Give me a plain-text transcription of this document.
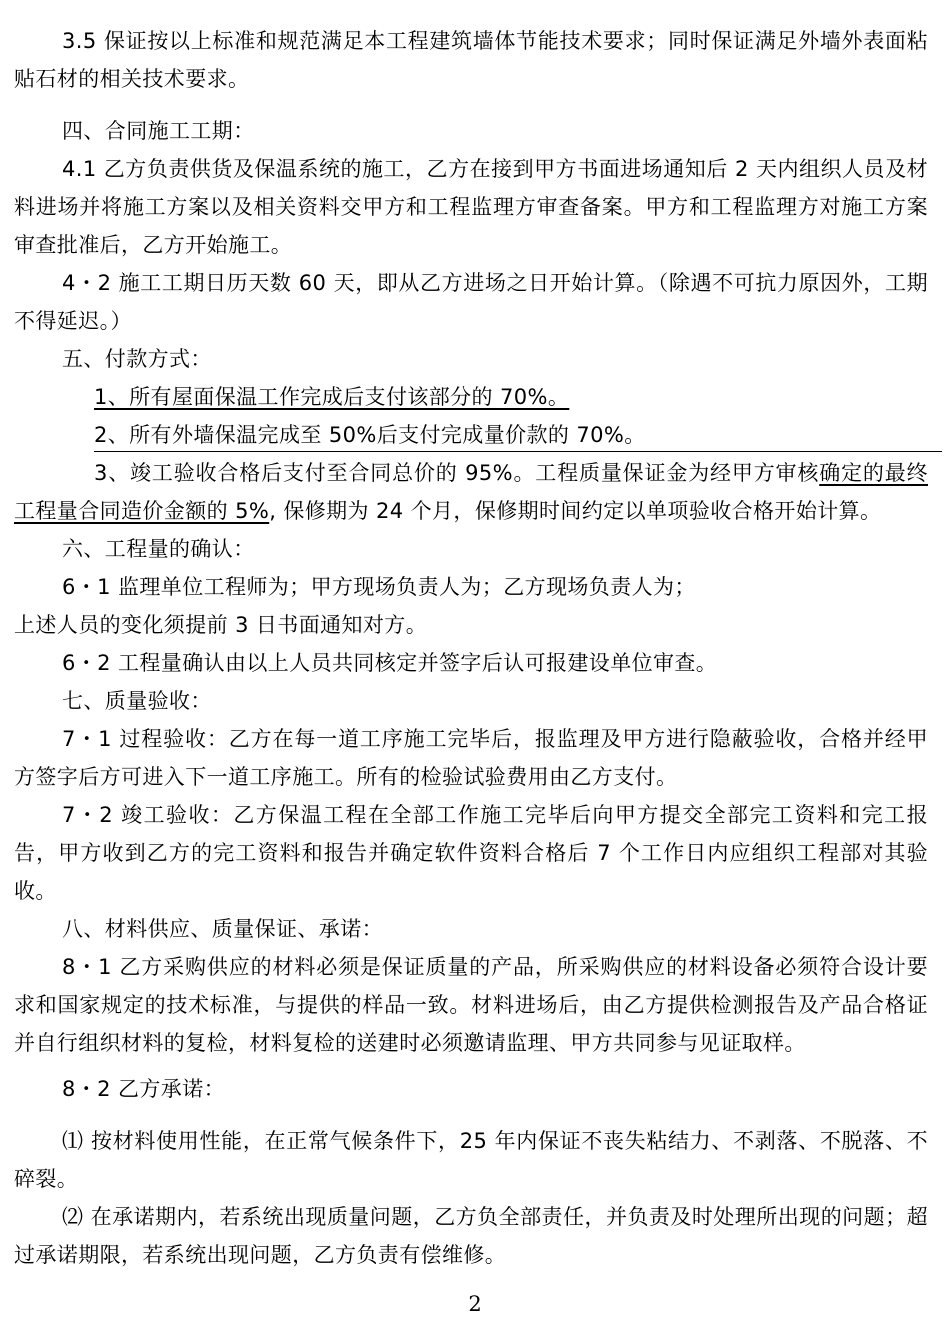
3.5 保证按以上标准和规范满足本工程建筑墙体节能技术要求；同时保证满足外墙外表面粘贴石材的相关技术要求。

四、合同施工工期：

4.1 乙方负责供货及保温系统的施工，乙方在接到甲方书面进场通知后 2 天内组织人员及材料进场并将施工方案以及相关资料交甲方和工程监理方审查备案。甲方和工程监理方对施工方案审查批准后，乙方开始施工。

4・2 施工工期日历天数 60 天，即从乙方进场之日开始计算。（除遇不可抗力原因外，工期不得延迟。）

五、付款方式：

1、所有屋面保温工作完成后支付该部分的 70%。

2、所有外墙保温完成至 50%后支付完成量价款的 70%。

3、竣工验收合格后支付至合同总价的 95%。工程质量保证金为经甲方审核确定的最终工程量合同造价金额的 5%, 保修期为 24 个月，保修期时间约定以单项验收合格开始计算。

六、工程量的确认：

6・1 监理单位工程师为；甲方现场负责人为；乙方现场负责人为；

上述人员的变化须提前 3 日书面通知对方。

6・2 工程量确认由以上人员共同核定并签字后认可报建设单位审查。

七、质量验收：

7・1 过程验收：乙方在每一道工序施工完毕后，报监理及甲方进行隐蔽验收，合格并经甲方签字后方可进入下一道工序施工。所有的检验试验费用由乙方支付。

7・2 竣工验收：乙方保温工程在全部工作施工完毕后向甲方提交全部完工资料和完工报告，甲方收到乙方的完工资料和报告并确定软件资料合格后 7 个工作日内应组织工程部对其验收。

八、材料供应、质量保证、承诺：

8・1 乙方采购供应的材料必须是保证质量的产品，所采购供应的材料设备必须符合设计要求和国家规定的技术标准，与提供的样品一致。材料进场后，由乙方提供检测报告及产品合格证并自行组织材料的复检，材料复检的送建时必须邀请监理、甲方共同参与见证取样。

8・2 乙方承诺：

⑴ 按材料使用性能，在正常气候条件下，25 年内保证不丧失粘结力、不剥落、不脱落、不碎裂。

⑵ 在承诺期内，若系统出现质量问题，乙方负全部责任，并负责及时处理所出现的问题；超过承诺期限，若系统出现问题，乙方负责有偿维修。

2
